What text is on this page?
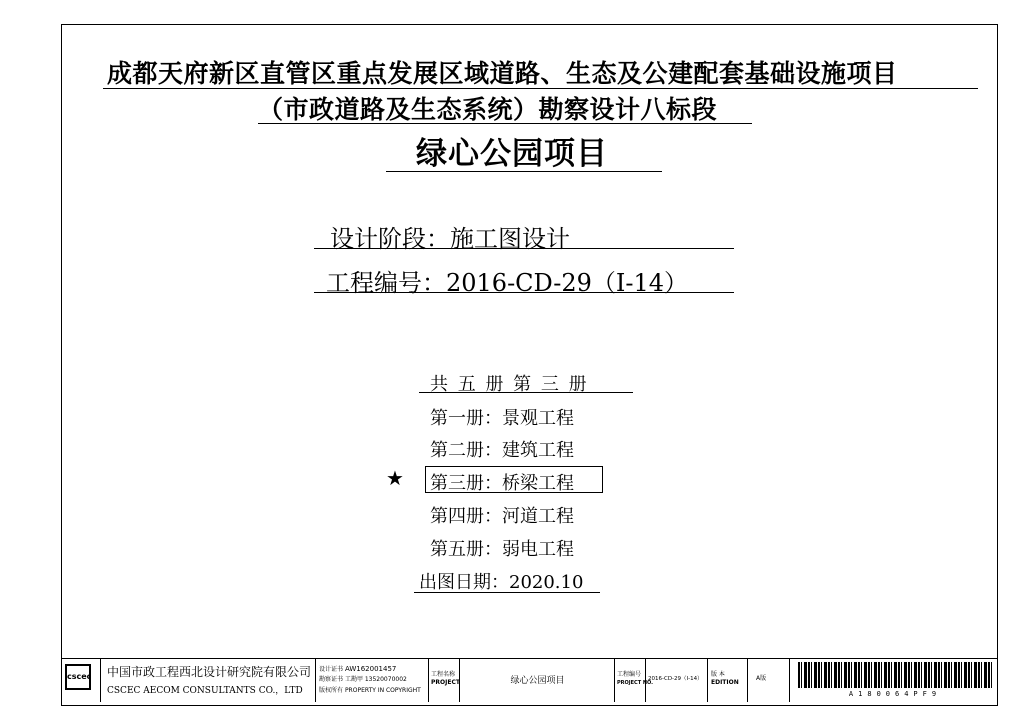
成都天府新区直管区重点发展区域道路、生态及公建配套基础设施项目
（市政道路及生态系统）勘察设计八标段
绿心公园项目
设计阶段：施工图设计
工程编号：2016-CD-29（Ⅰ-14）
共 五 册 第 三 册
第一册：景观工程
第二册：建筑工程
★ 第三册：桥梁工程
第四册：河道工程
第五册：弱电工程
出图日期：2020.10
cscec 中国市政工程西北设计研究院有限公司
CSCEC AECOM CONSULTANTS CO.，LTD
设计证书 AW162001457
勘察证书 工勘甲 13520070002
版权所有 PROPERTY IN COPYRIGHT
工程名称
PROJECT	绿心公园项目
工程编号
PROJECT NO.
2016-CD-29（Ⅰ-14）
版 本
EDITION
A版
A180064PF9
